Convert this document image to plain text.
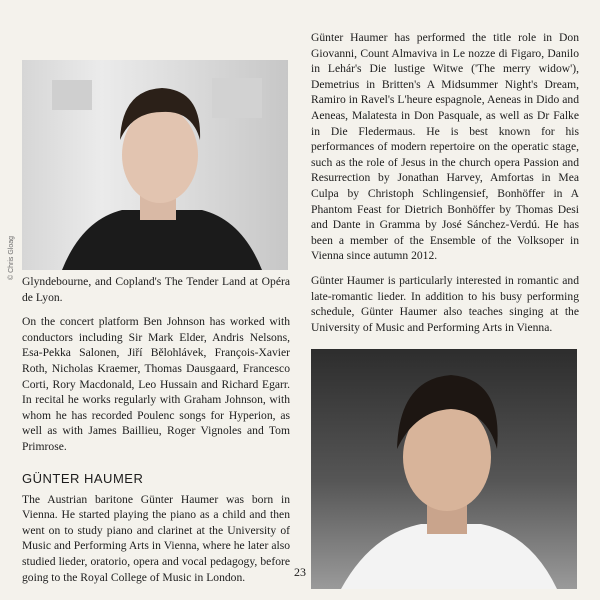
Glyndebourne, and Copland's The Tender Land at Opéra de Lyon.

On the concert platform Ben Johnson has worked with conductors including Sir Mark Elder, Andris Nelsons, Esa-Pekka Salonen, Jiří Bělohlávek, François-Xavier Roth, Nicholas Kraemer, Thomas Dausgaard, Francesco Corti, Rory Macdonald, Leo Hussain and Richard Egarr. In recital he works regularly with Graham Johnson, with whom he has recorded Poulenc songs for Hyperion, as well as with James Baillieu, Roger Vignoles and Tom Primrose.

GÜNTER HAUMER

The Austrian baritone Günter Haumer was born in Vienna. He started playing the piano as a child and then went on to study piano and clarinet at the University of Music and Performing Arts in Vienna, where he later also studied lieder, oratorio, opera and vocal pedagogy, before going to the Royal College of Music in London.

© Chris Gloag

Günter Haumer has performed the title role in Don Giovanni, Count Almaviva in Le nozze di Figaro, Danilo in Lehár's Die lustige Witwe ('The merry widow'), Demetrius in Britten's A Midsummer Night's Dream, Ramiro in Ravel's L'heure espagnole, Aeneas in Dido and Aeneas, Malatesta in Don Pasquale, as well as Dr Falke in Die Fledermaus. He is best known for his performances of modern repertoire on the operatic stage, such as the role of Jesus in the church opera Passion and Resurrection by Jonathan Harvey, Amfortas in Mea Culpa by Christoph Schlingensief, Bonhöffer in A Phantom Feast for Dietrich Bonhöffer by Thomas Desi and Dante in Gramma by José Sánchez-Verdú. He has been a member of the Ensemble of the Volksoper in Vienna since autumn 2012.

Günter Haumer is particularly interested in romantic and late-romantic lieder. In addition to his busy performing schedule, Günter Haumer also teaches singing at the University of Music and Performing Arts in Vienna.

23
